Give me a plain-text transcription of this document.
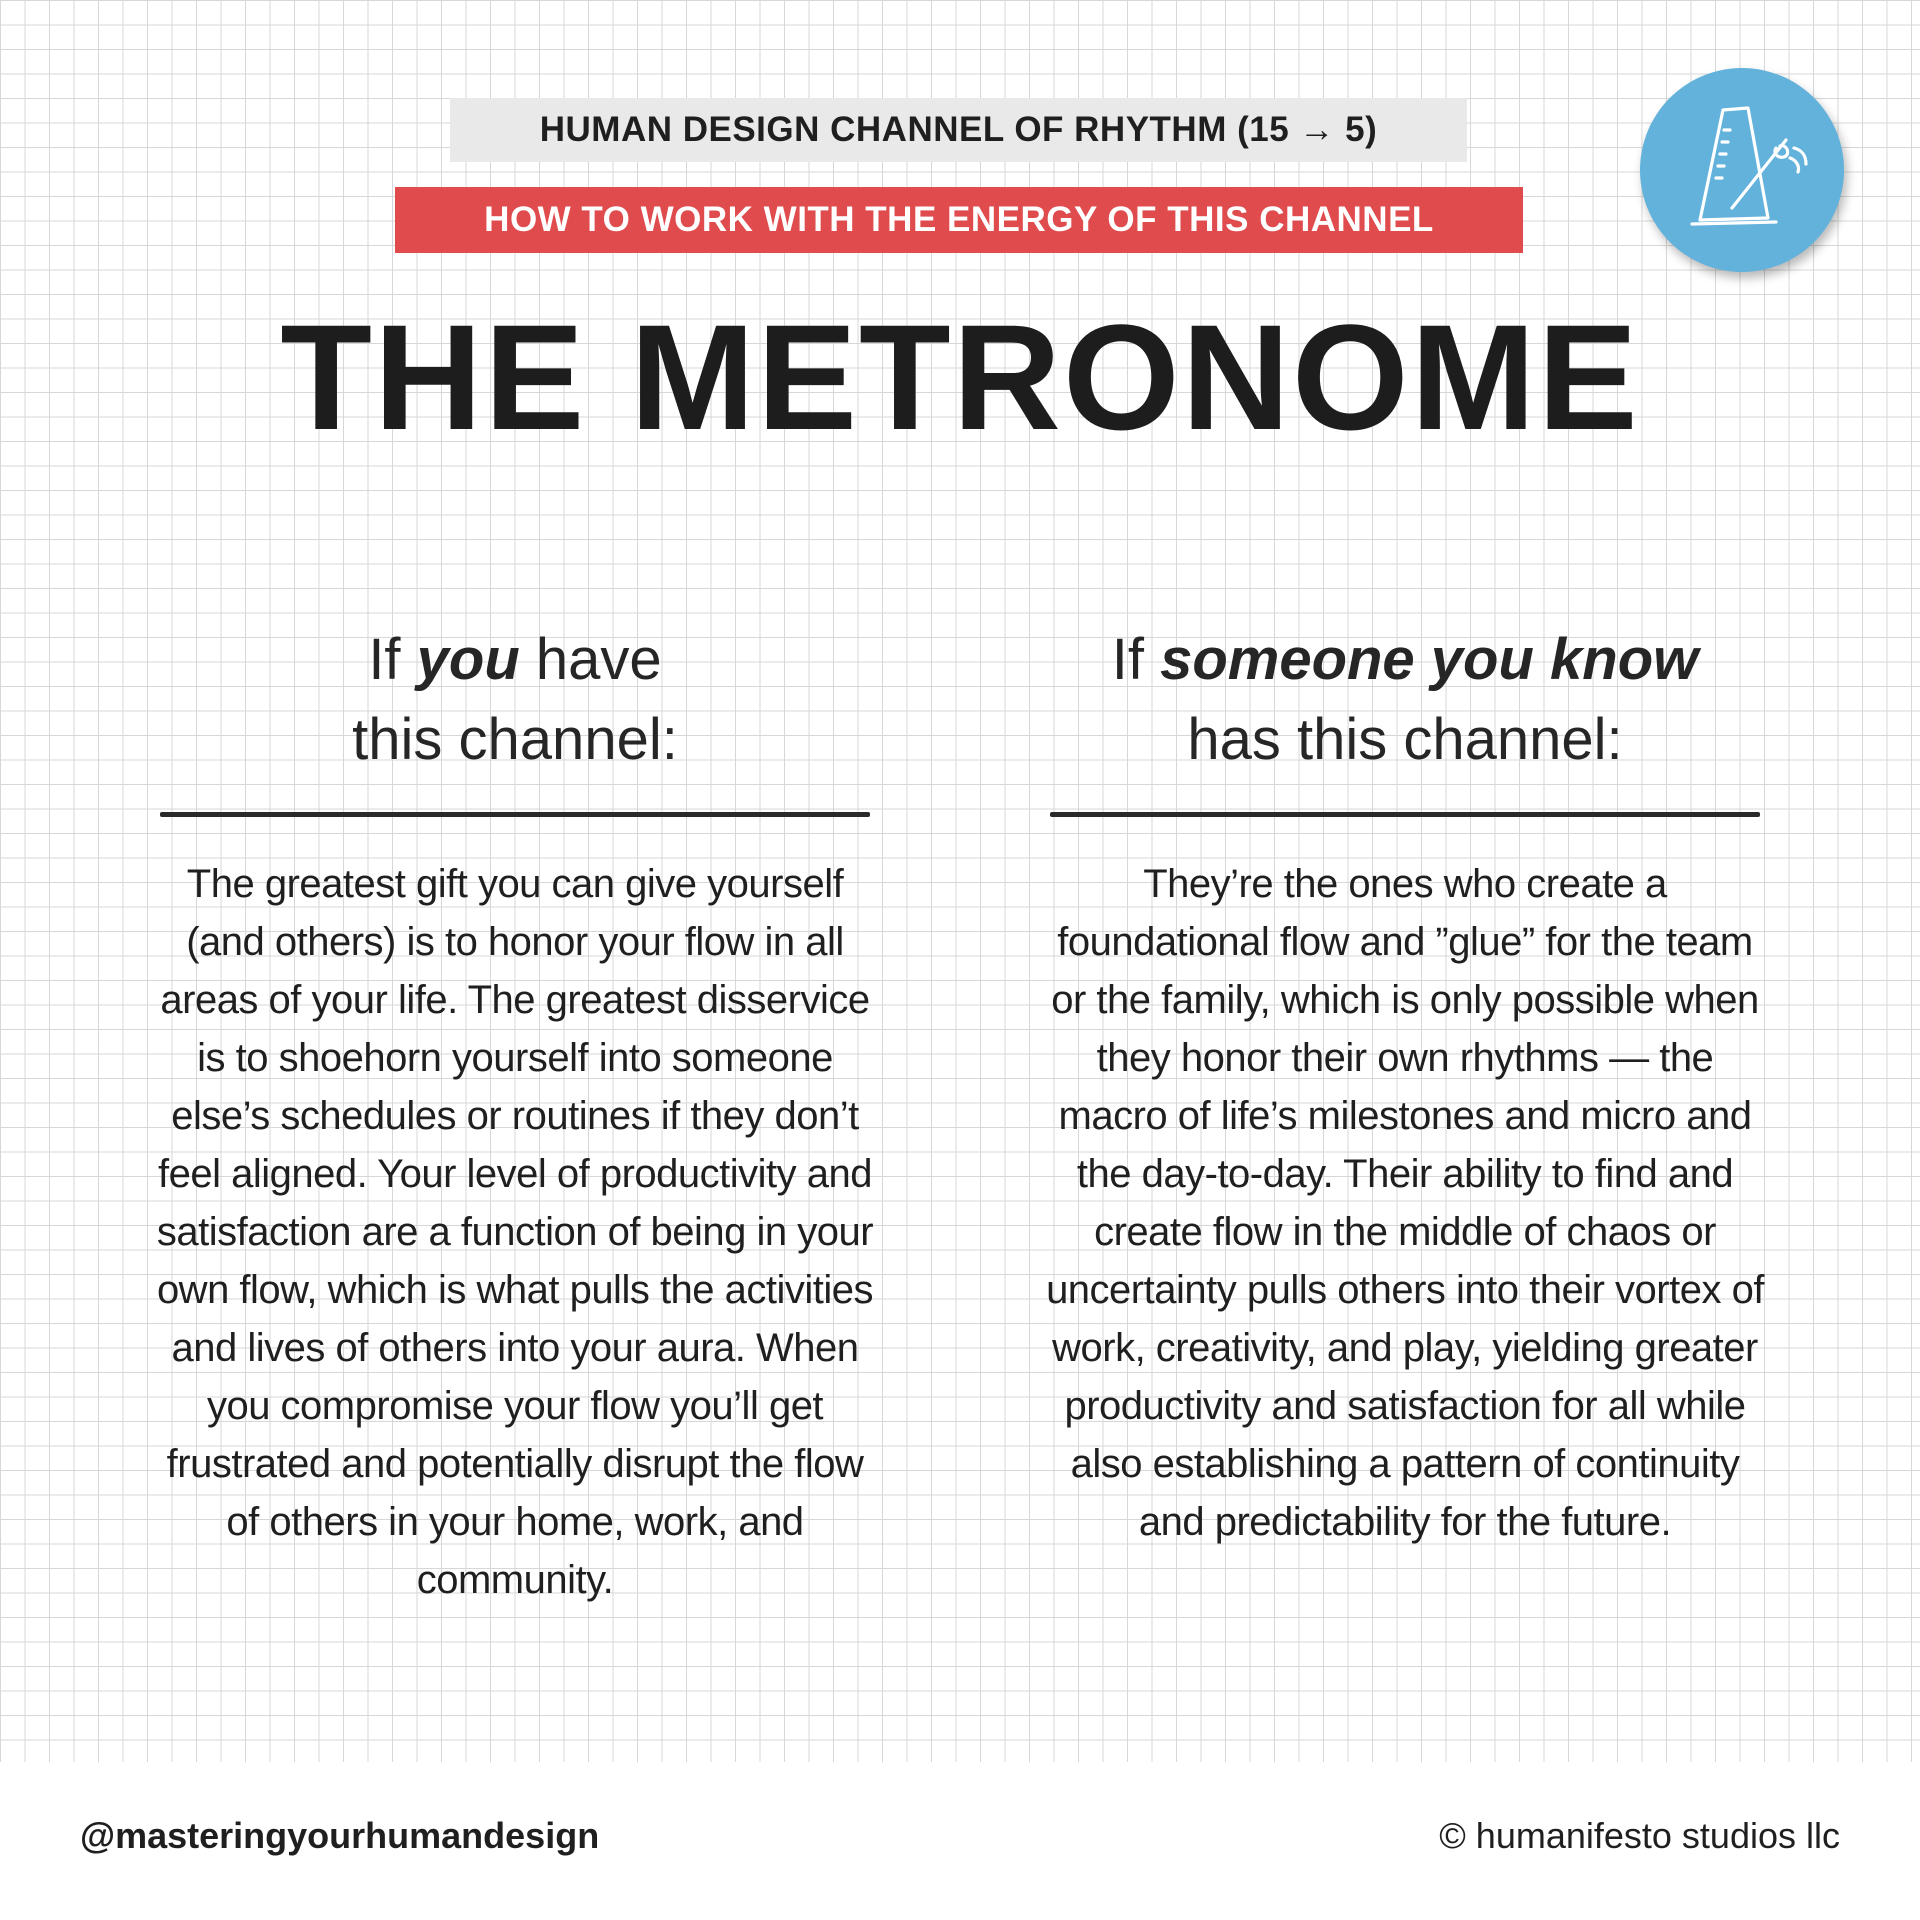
HUMAN DESIGN CHANNEL OF RHYTHM (15 → 5)
HOW TO WORK WITH THE ENERGY OF THIS CHANNEL
THE METRONOME
If you have
this channel:
The greatest gift you can give yourself (and others) is to honor your flow in all areas of your life. The greatest disservice is to shoehorn yourself into someone else’s schedules or routines if they don’t feel aligned. Your level of productivity and satisfaction are a function of being in your own flow, which is what pulls the activities and lives of others into your aura. When you compromise your flow you’ll get frustrated and potentially disrupt the flow of others in your home, work, and community.
If someone you know
has this channel:
They’re the ones who create a foundational flow and ”glue” for the team or the family, which is only possible when they honor their own rhythms — the macro of life’s milestones and micro and the day-to-day. Their ability to find and create flow in the middle of chaos or uncertainty pulls others into their vortex of work, creativity, and play, yielding greater productivity and satisfaction for all while also establishing a pattern of continuity and predictability for the future.
@masteringyourhumandesign	© humanifesto studios llc
